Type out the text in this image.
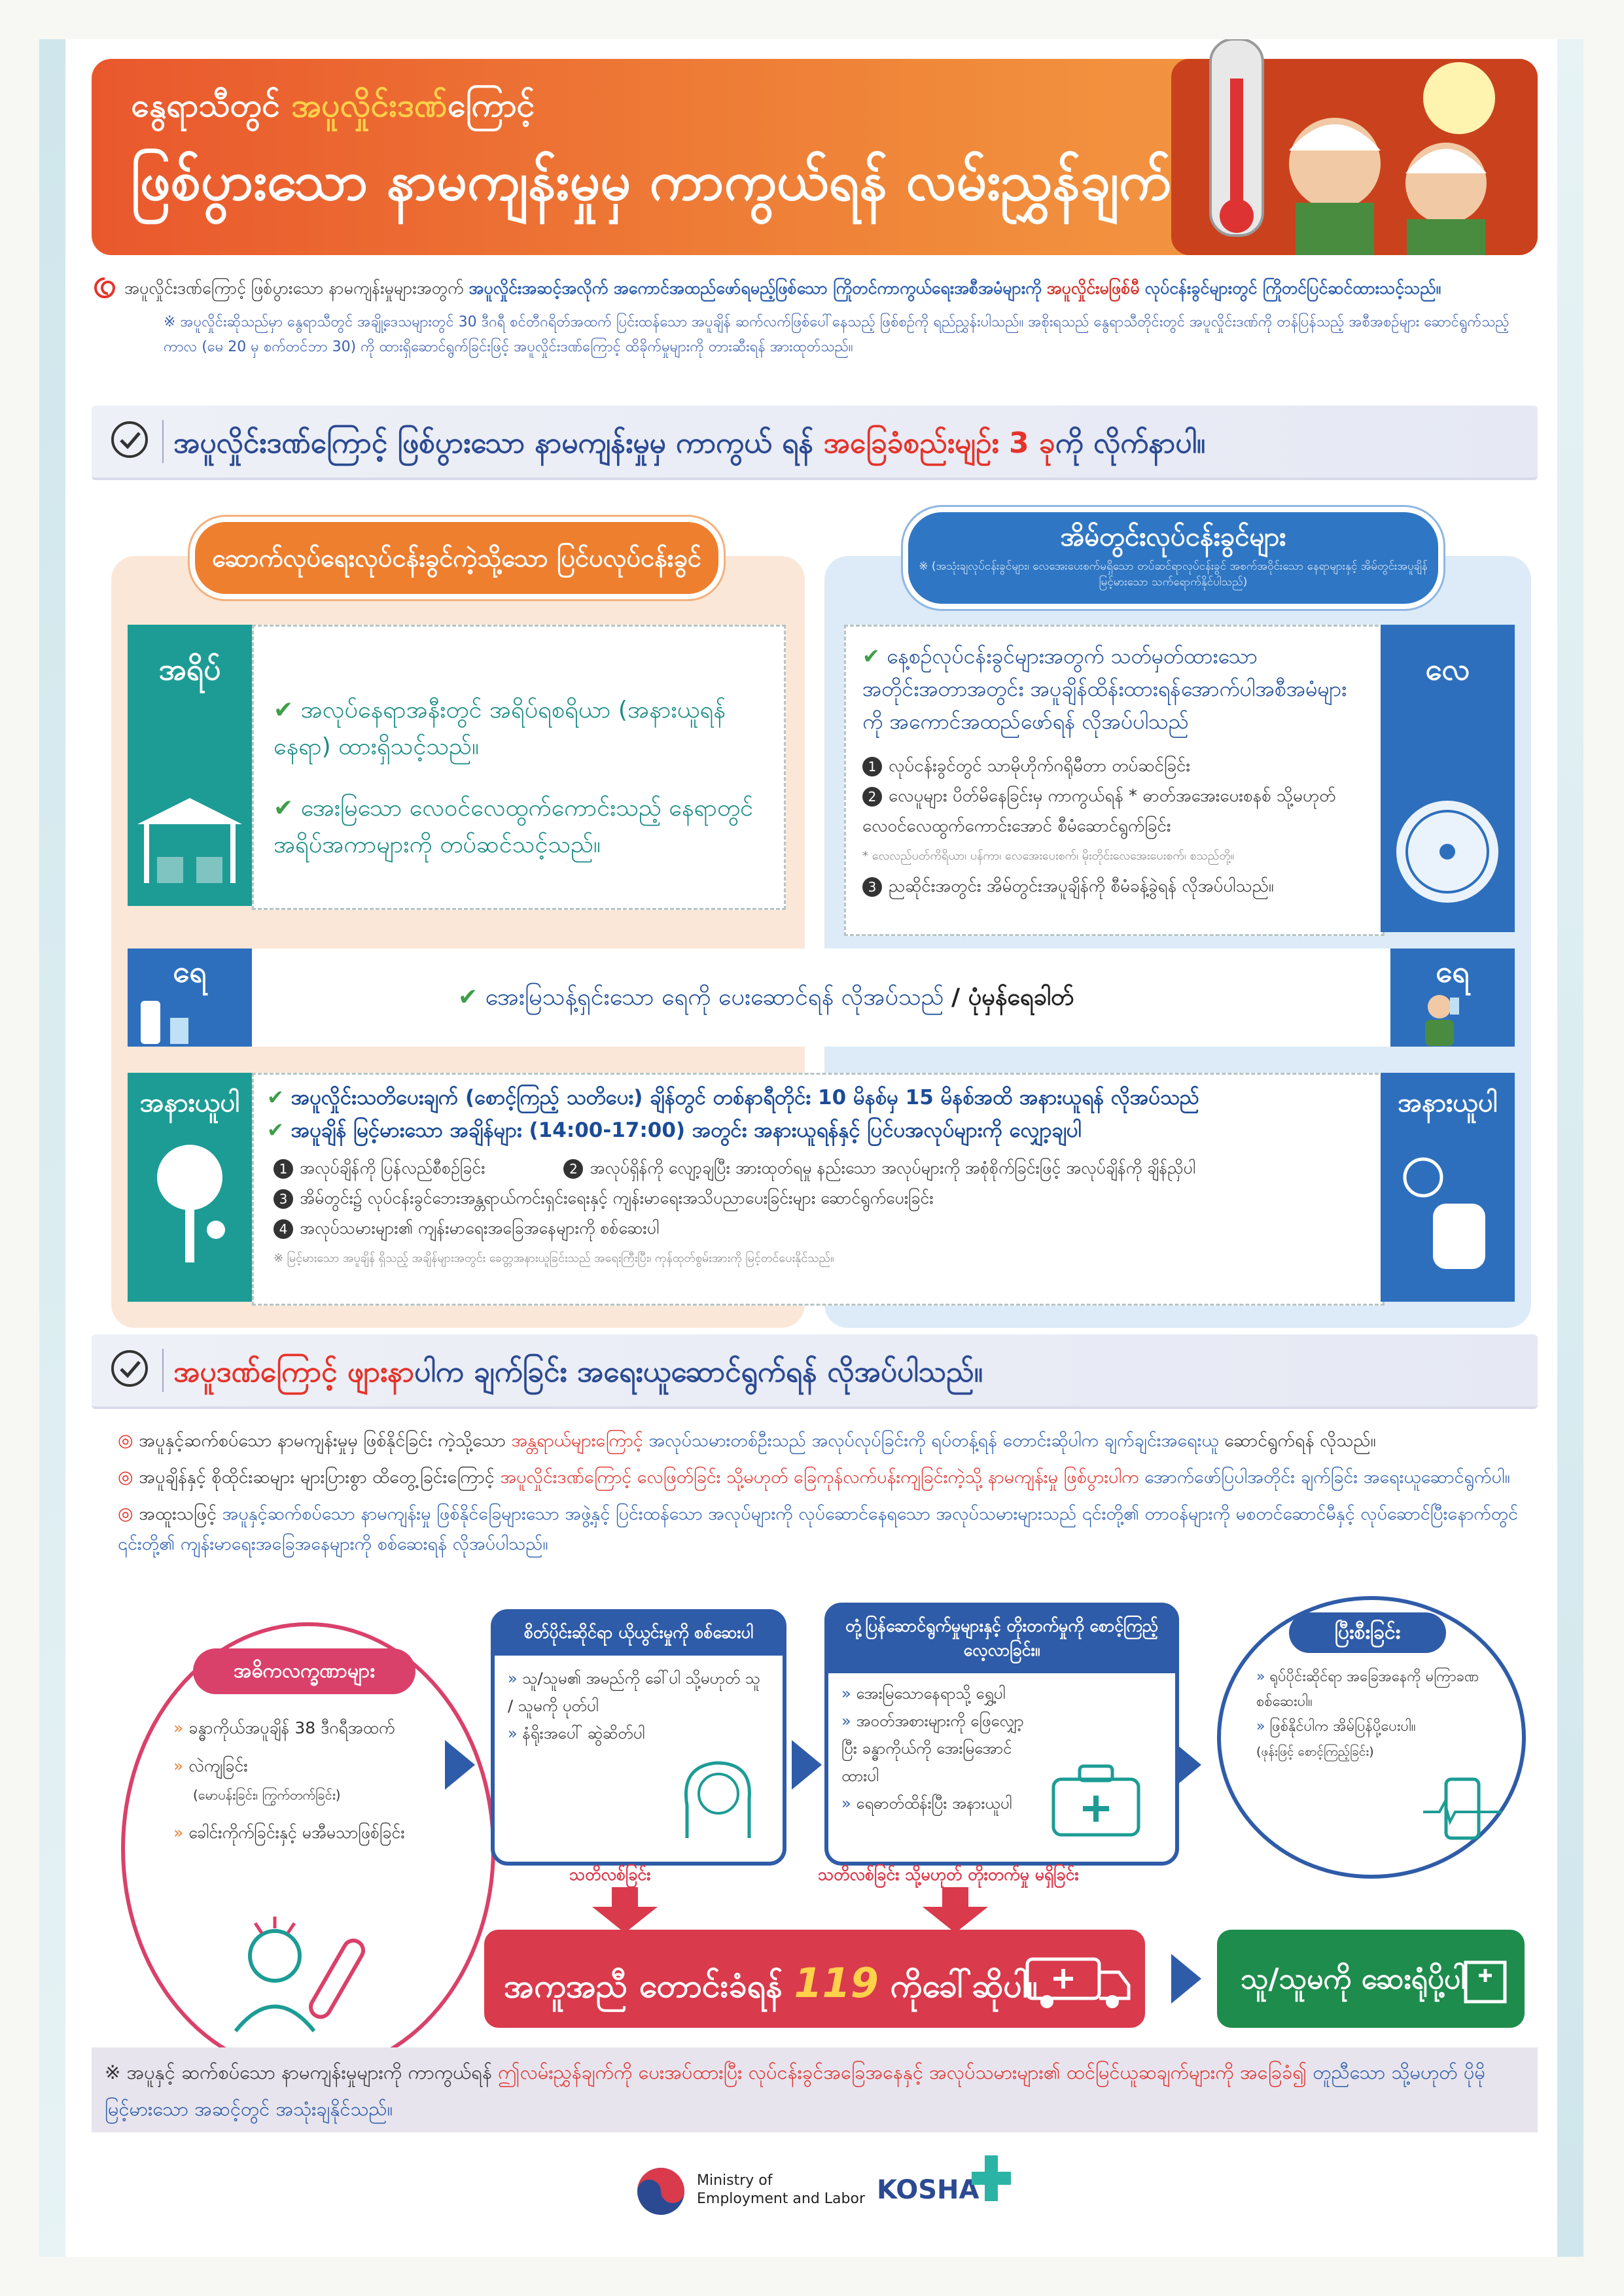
နွေရာသီတွင် အပူလှိုင်းဒဏ်ကြောင့်
ဖြစ်ပွားသော နာမကျန်းမှုမှ ကာကွယ်ရန် လမ်းညွှန်ချက်
အပူလှိုင်းဒဏ်ကြောင့် ဖြစ်ပွားသော နာမကျန်းမှုများအတွက် အပူလှိုင်းအဆင့်အလိုက် အကောင်အထည်ဖော်ရမည့်ဖြစ်သော ကြိုတင်ကာကွယ်ရေးအစီအမံများကို အပူလှိုင်းမဖြစ်မီ လုပ်ငန်းခွင်များတွင် ကြိုတင်ပြင်ဆင်ထားသင့်သည်။
※ အပူလှိုင်းဆိုသည်မှာ နွေရာသီတွင် အချို့ဒေသများတွင် 30 ဒီဂရီ စင်တီဂရိတ်အထက် ပြင်းထန်သော အပူချိန် ဆက်လက်ဖြစ်ပေါ်နေသည့် ဖြစ်စဉ်ကို ရည်ညွှန်းပါသည်။ အစိုးရသည် နွေရာသီတိုင်းတွင် အပူလှိုင်းဒဏ်ကို တန်ပြန်သည့် အစီအစဉ်များ ဆောင်ရွက်သည့် ကာလ (မေ 20 မှ စက်တင်ဘာ 30) ကို ထားရှိဆောင်ရွက်ခြင်းဖြင့် အပူလှိုင်းဒဏ်ကြောင့် ထိခိုက်မှုများကို တားဆီးရန် အားထုတ်သည်။
အပူလှိုင်းဒဏ်ကြောင့် ဖြစ်ပွားသော နာမကျန်းမှုမှ ကာကွယ် ရန် အခြေခံစည်းမျဉ်း 3 ခုကို လိုက်နာပါ။
ဆောက်လုပ်ရေးလုပ်ငန်းခွင်ကဲ့သို့သော ပြင်ပလုပ်ငန်းခွင်
အိမ်တွင်းလုပ်ငန်းခွင်များ
※ (အသုံးချလုပ်ငန်းခွင်များ၊ လေအေးပေးစက်မရှိသော တပ်ဆင်ရာလုပ်ငန်းခွင် အစက်အဝိုင်းသော နေရာများနှင့် အိမ်တွင်းအပူချိန်မြင့်မားသော သက်ရောက်နိုင်ပါသည်)
အရိပ်
✔ အလုပ်နေရာအနီးတွင် အရိပ်ရစရိယာ (အနားယူရန်နေရာ) ထားရှိသင့်သည်။
✔ အေးမြသော လေဝင်လေထွက်ကောင်းသည့် နေရာတွင် အရိပ်အကာများကို တပ်ဆင်သင့်သည်။
✔ နေ့စဉ်လုပ်ငန်းခွင်များအတွက် သတ်မှတ်ထားသော အတိုင်းအတာအတွင်း အပူချိန်ထိန်းထားရန်အောက်ပါအစီအမံများကို အကောင်အထည်ဖော်ရန် လိုအပ်ပါသည်
1 လုပ်ငန်းခွင်တွင် သာမိုဟိုက်ဂရိုမီတာ တပ်ဆင်ခြင်း
2 လေပူများ ပိတ်မိနေခြင်းမှ ကာကွယ်ရန် * ဓာတ်အအေးပေးစနစ် သို့မဟုတ် လေဝင်လေထွက်ကောင်းအောင် စီမံဆောင်ရွက်ခြင်း
* လေလည်ပတ်ကိရိယာ၊ ပန်ကာ၊ လေအေးပေးစက်၊ မိုးတိုင်းလေအေးပေးစက်၊ စသည်တို့။
3 ညဆိုင်းအတွင်း အိမ်တွင်းအပူချိန်ကို စီမံခန့်ခွဲရန် လိုအပ်ပါသည်။
လေ
ရေ
✔ အေးမြသန့်ရှင်းသော ရေကို ပေးဆောင်ရန် လိုအပ်သည် / ပုံမှန်ရေခါတ်
ရေ
အနားယူပါ	✔ အပူလှိုင်းသတိပေးချက် (စောင့်ကြည့် သတိပေး) ချိန်တွင် တစ်နာရီတိုင်း 10 မိနစ်မှ 15 မိနစ်အထိ အနားယူရန် လိုအပ်သည်
✔ အပူချိန် မြင့်မားသော အချိန်များ (14:00-17:00) အတွင်း အနားယူရန်နှင့် ပြင်ပအလုပ်များကို လျှော့ချပါ
1 အလုပ်ချိန်ကို ပြန်လည်စီစဉ်ခြင်း	2 အလုပ်ရှိန်ကို လျော့ချပြီး အားထုတ်ရမှု နည်းသော အလုပ်များကို အစုံစိုက်ခြင်းဖြင့် အလုပ်ချိန်ကို ချိန်ညှိပါ
3 အိမ်တွင်း၌ လုပ်ငန်းခွင်ဘေးအန္တရာယ်ကင်းရှင်းရေးနှင့် ကျန်းမာရေးအသိပညာပေးခြင်းများ ဆောင်ရွက်ပေးခြင်း
4 အလုပ်သမားများ၏ ကျန်းမာရေးအခြေအနေများကို စစ်ဆေးပါ
※ မြင့်မားသော အပူချိန် ရှိသည့် အချိန်များအတွင်း ခေတ္တအနားယူခြင်းသည် အရေးကြီးပြီး၊ ကုန်ထုတ်စွမ်းအားကို မြင့်တင်ပေးနိုင်သည်။
အနားယူပါ
အပူဒဏ်ကြောင့် ဖျားနာပါက ချက်ခြင်း အရေးယူဆောင်ရွက်ရန် လိုအပ်ပါသည်။
◎ အပူနှင့်ဆက်စပ်သော နာမကျန်းမှုမှ ဖြစ်နိုင်ခြင်း ကဲ့သို့သော အန္တရာယ်များကြောင့် အလုပ်သမားတစ်ဦးသည် အလုပ်လုပ်ခြင်းကို ရပ်တန့်ရန် တောင်းဆိုပါက ချက်ချင်းအရေးယူ ဆောင်ရွက်ရန် လိုသည်။
◎ အပူချိန်နှင့် စိုထိုင်းဆများ များပြားစွာ ထိတွေ့ခြင်းကြောင့် အပူလှိုင်းဒဏ်ကြောင့် လေဖြတ်ခြင်း သို့မဟုတ် ခြေကုန်လက်ပန်းကျခြင်းကဲ့သို့ နာမကျန်းမှု ဖြစ်ပွားပါက အောက်ဖော်ပြပါအတိုင်း ချက်ခြင်း အရေးယူဆောင်ရွက်ပါ။
◎ အထူးသဖြင့် အပူနှင့်ဆက်စပ်သော နာမကျန်းမှု ဖြစ်နိုင်ခြေများသော အဖွဲ့နှင့် ပြင်းထန်သော အလုပ်များကို လုပ်ဆောင်နေရသော အလုပ်သမားများသည် ၎င်းတို့၏ တာဝန်များကို မစတင်ဆောင်မီနှင့် လုပ်ဆောင်ပြီးနောက်တွင် ၎င်းတို့၏ ကျန်းမာရေးအခြေအနေများကို စစ်ဆေးရန် လိုအပ်ပါသည်။
အဓိကလက္ခဏာများ
» ခန္ဓာကိုယ်အပူချိန် 38 ဒီဂရီအထက်
» လဲကျခြင်း
(မောပန်းခြင်း၊ ကြွက်တက်ခြင်း)
» ခေါင်းကိုက်ခြင်းနှင့် မအီမသာဖြစ်ခြင်း
စိတ်ပိုင်းဆိုင်ရာ ယိုယွင်းမှုကို စစ်ဆေးပါ
» သူ/သူမ၏ အမည်ကို ခေါ်ပါ သို့မဟုတ် သူ / သူမကို ပုတ်ပါ
» နံရိုးအပေါ် ဆွဲဆိတ်ပါ
တုံ့ပြန်ဆောင်ရွက်မှုများနှင့် တိုးတက်မှုကို စောင့်ကြည့်လေ့လာခြင်း။
» အေးမြသောနေရာသို့ ရွှေ့ပါ
» အဝတ်အစားများကို ဖြေလျှော့ပြီး ခန္ဓာကိုယ်ကို အေးမြအောင် ထားပါ
» ရေဓာတ်ထိန်းပြီး အနားယူပါ
ပြီးစီးခြင်း
» ရုပ်ပိုင်းဆိုင်ရာ အခြေအနေကို မကြာခဏ စစ်ဆေးပါ။
» ဖြစ်နိုင်ပါက အိမ်ပြန်ပို့ပေးပါ။
(ဖုန်းဖြင့် စောင့်ကြည့်ခြင်း)
သတိလစ်ခြင်း	သတိလစ်ခြင်း သို့မဟုတ် တိုးတက်မှု မရှိခြင်း
အကူအညီ တောင်းခံရန် 119 ကိုခေါ်ဆိုပါ။	သူ/သူမကို ဆေးရုံပို့ပါ
※ အပူနှင့် ဆက်စပ်သော နာမကျန်းမှုများကို ကာကွယ်ရန် ဤလမ်းညွှန်ချက်ကို ပေးအပ်ထားပြီး လုပ်ငန်းခွင်အခြေအနေနှင့် အလုပ်သမားများ၏ ထင်မြင်ယူဆချက်များကို အခြေခံ၍ တူညီသော သို့မဟုတ် ပိုမိုမြင့်မားသော အဆင့်တွင် အသုံးချနိုင်သည်။
Ministry of
Employment and Labor KOSHA
